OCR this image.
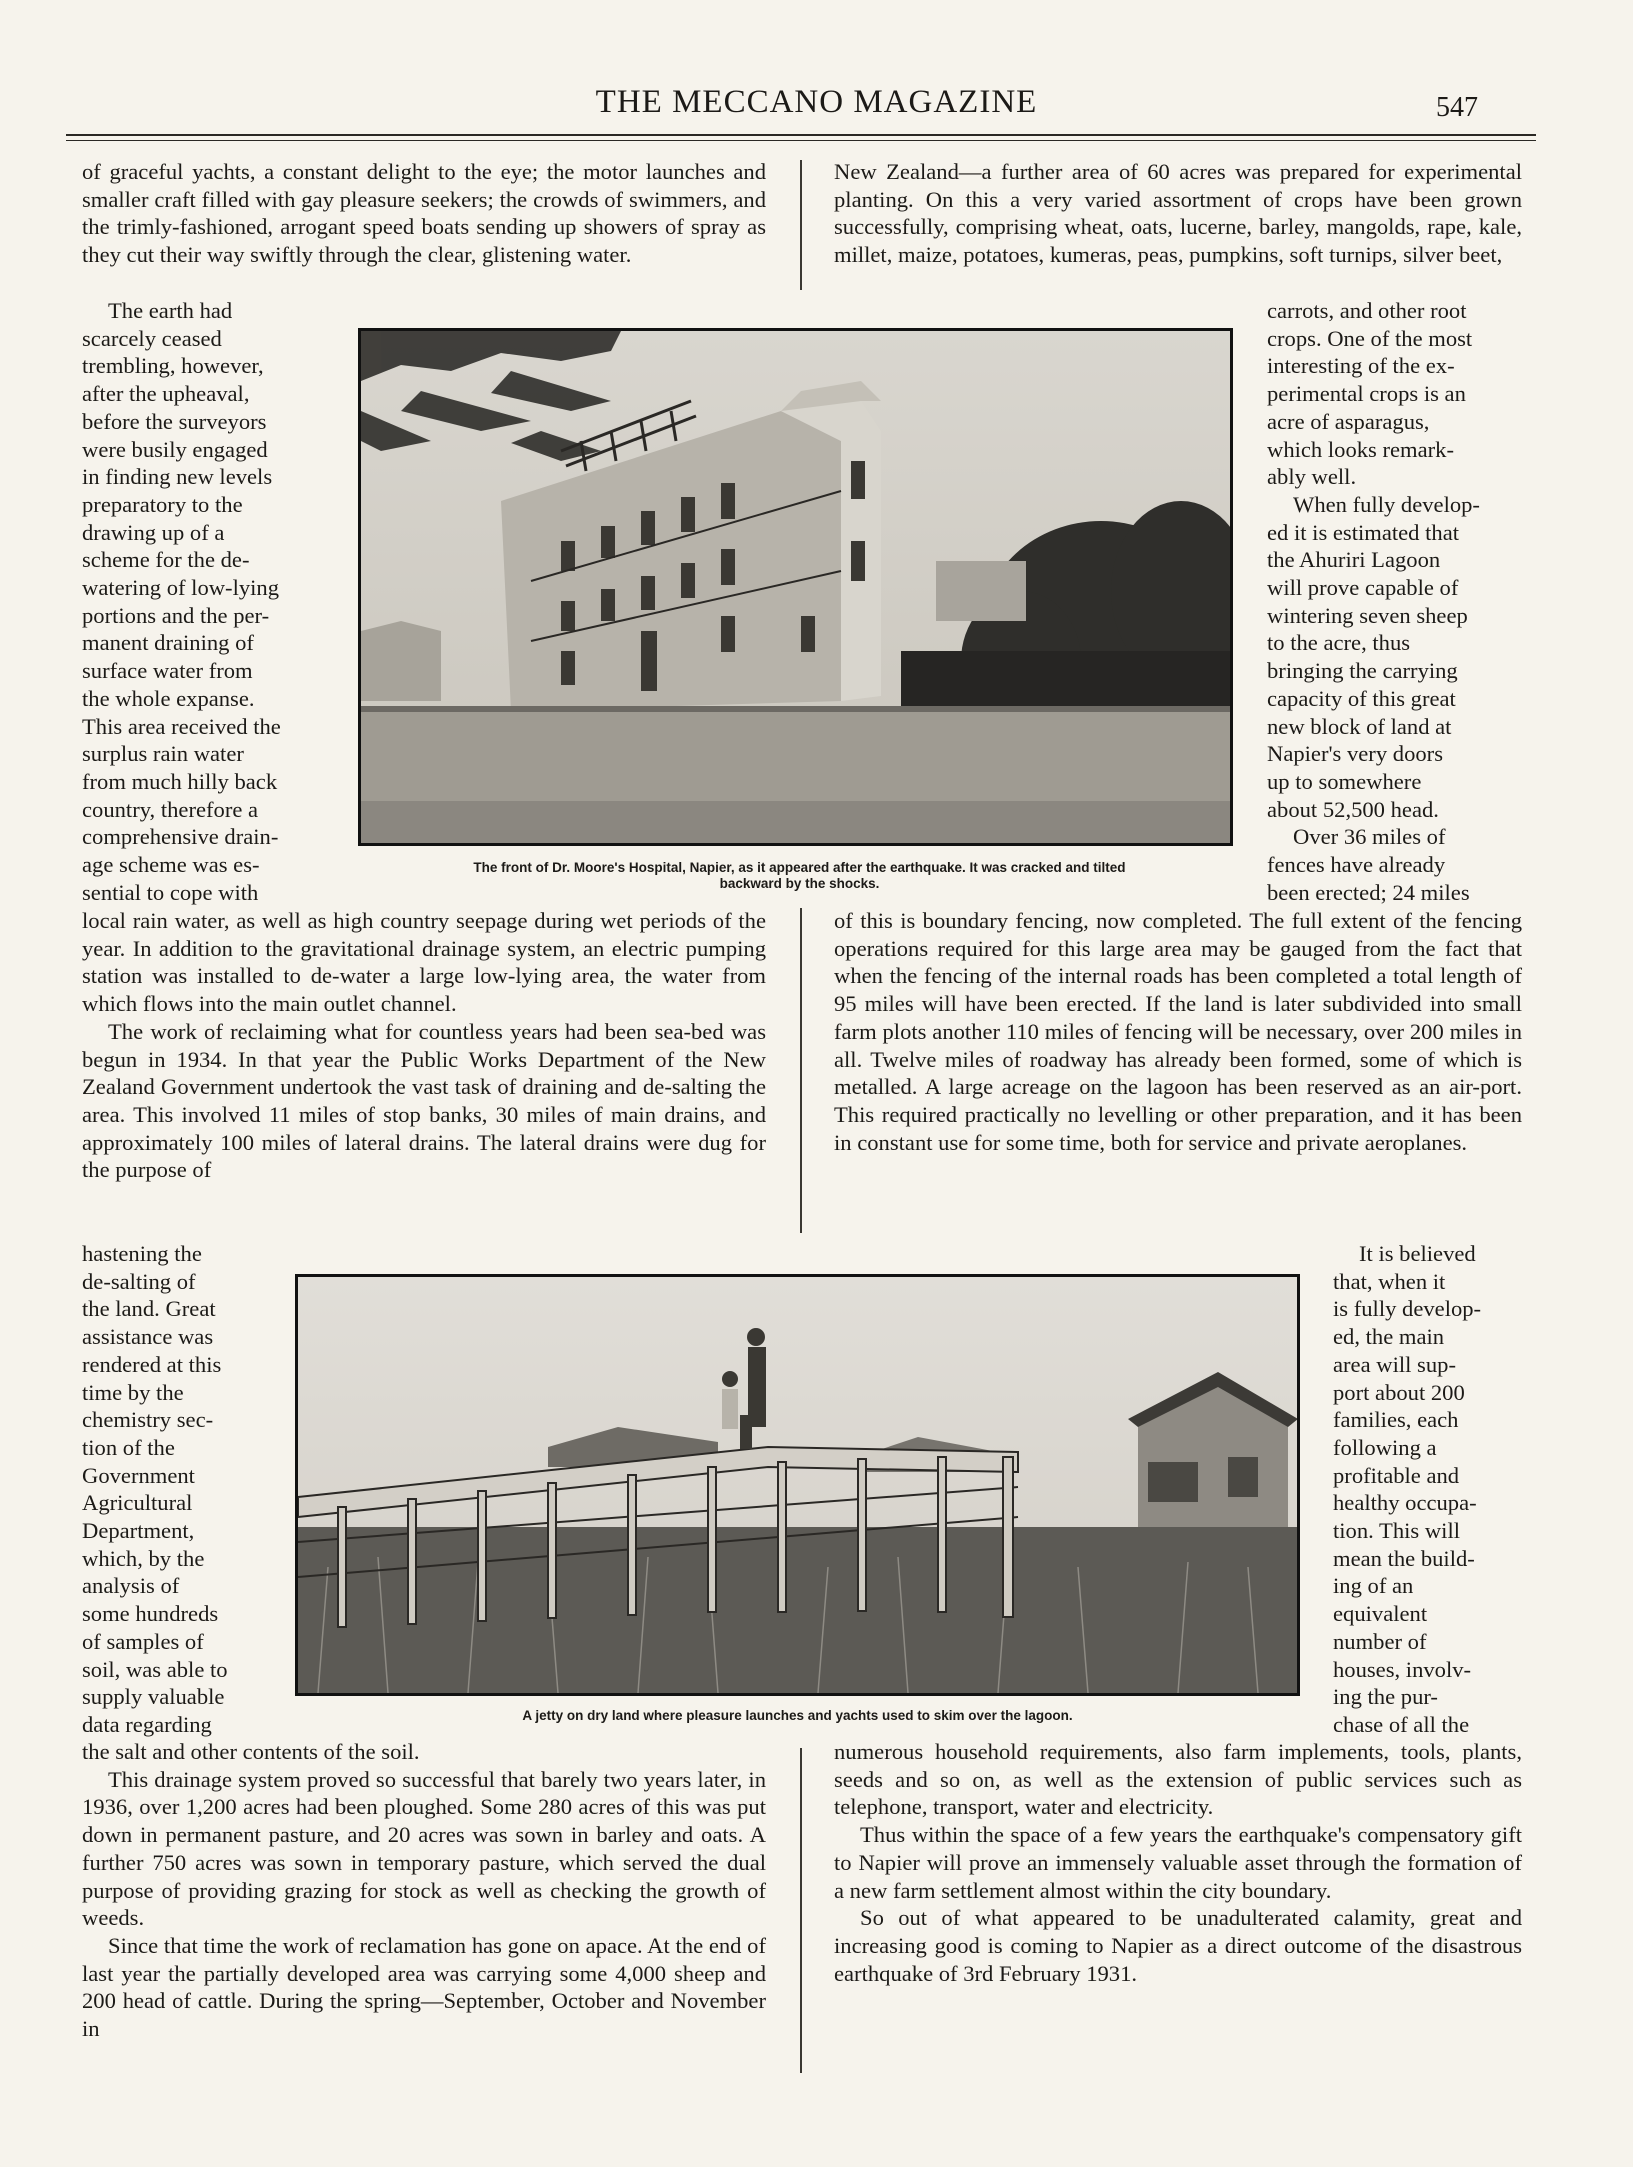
THE MECCANO MAGAZINE	547

of graceful yachts, a constant delight to the eye; the motor launches and smaller craft filled with gay pleasure seekers; the crowds of swimmers, and the trimly-fashioned, arrogant speed boats sending up showers of spray as they cut their way swiftly through the clear, glistening water.

The earth had
scarcely ceased
trembling, however,
after the upheaval,
before the surveyors
were busily engaged
in finding new levels
preparatory to the
drawing up of a
scheme for the de-
watering of low-lying
portions and the per-
manent draining of
surface water from
the whole expanse.
This area received the
surplus rain water
from much hilly back
country, therefore a
comprehensive drain-
age scheme was es-
sential to cope with

local rain water, as well as high country seepage during wet periods of the year. In addition to the gravitational drainage system, an electric pumping station was installed to de-water a large low-lying area, the water from which flows into the main outlet channel.

The work of reclaiming what for countless years had been sea-bed was begun in 1934. In that year the Public Works Department of the New Zealand Government undertook the vast task of draining and de-salting the area. This involved 11 miles of stop banks, 30 miles of main drains, and approximately 100 miles of lateral drains. The lateral drains were dug for the purpose of

hastening the
de-salting of
the land. Great
assistance was
rendered at this
time by the
chemistry sec-
tion of the
Government
Agricultural
Department,
which, by the
analysis of
some hundreds
of samples of
soil, was able to
supply valuable
data regarding

the salt and other contents of the soil.

This drainage system proved so successful that barely two years later, in 1936, over 1,200 acres had been ploughed. Some 280 acres of this was put down in permanent pasture, and 20 acres was sown in barley and oats. A further 750 acres was sown in temporary pasture, which served the dual purpose of providing grazing for stock as well as checking the growth of weeds.

Since that time the work of reclamation has gone on apace. At the end of last year the partially developed area was carrying some 4,000 sheep and 200 head of cattle. During the spring—September, October and November in

New Zealand—a further area of 60 acres was prepared for experimental planting. On this a very varied assortment of crops have been grown successfully, comprising wheat, oats, lucerne, barley, mangolds, rape, kale, millet, maize, potatoes, kumeras, peas, pumpkins, soft turnips, silver beet,

carrots, and other root
crops. One of the most
interesting of the ex-
perimental crops is an
acre of asparagus,
which looks remark-
ably well.
When fully develop-
ed it is estimated that
the Ahuriri Lagoon
will prove capable of
wintering seven sheep
to the acre, thus
bringing the carrying
capacity of this great
new block of land at
Napier's very doors
up to somewhere
about 52,500 head.
Over 36 miles of
fences have already
been erected; 24 miles

of this is boundary fencing, now completed. The full extent of the fencing operations required for this large area may be gauged from the fact that when the fencing of the internal roads has been completed a total length of 95 miles will have been erected. If the land is later subdivided into small farm plots another 110 miles of fencing will be necessary, over 200 miles in all. Twelve miles of roadway has already been formed, some of which is metalled. A large acreage on the lagoon has been reserved as an air-port. This required practically no levelling or other preparation, and it has been in constant use for some time, both for service and private aeroplanes.

It is believed
that, when it
is fully develop-
ed, the main
area will sup-
port about 200
families, each
following a
profitable and
healthy occupa-
tion. This will
mean the build-
ing of an
equivalent
number of
houses, involv-
ing the pur-
chase of all the

numerous household requirements, also farm implements, tools, plants, seeds and so on, as well as the extension of public services such as telephone, transport, water and electricity.

Thus within the space of a few years the earthquake's compensatory gift to Napier will prove an immensely valuable asset through the formation of a new farm settlement almost within the city boundary.

So out of what appeared to be unadulterated calamity, great and increasing good is coming to Napier as a direct outcome of the disastrous earthquake of 3rd February 1931.

The front of Dr. Moore's Hospital, Napier, as it appeared after the earthquake. It was cracked and tilted
backward by the shocks.
A jetty on dry land where pleasure launches and yachts used to skim over the lagoon.
